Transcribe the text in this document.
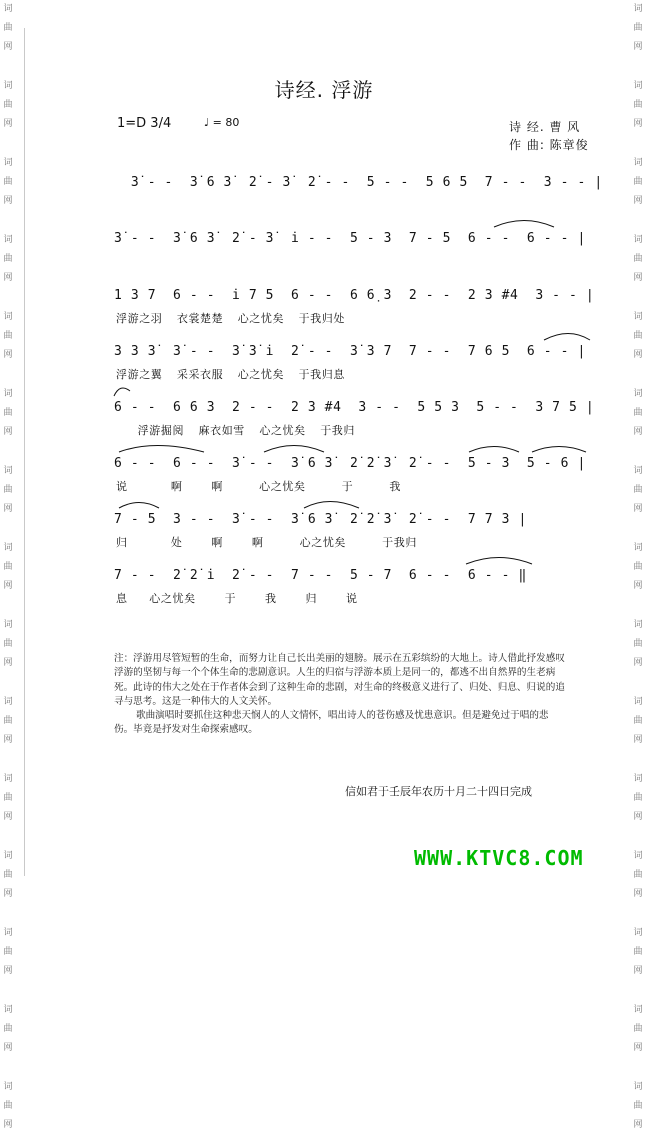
词
曲
网
词
曲
网
词
曲
网
词
曲
网
词
曲
网
词
曲
网
词
曲
网
词
曲
网
词
曲
网
词
曲
网
词
曲
网
词
曲
网
词
曲
网
词
曲
网
词
曲
网
词
曲
网
词
曲
网
词
曲
网
词
曲
网
词
曲
网
词
曲
网
词
曲
网
词
曲
网
词
曲
网
词
曲
网
词
曲
网
词
曲
网
词
曲
网
词
曲
网
词
曲
网
诗经. 浮游
1=D 3/4	♩ = 80	诗 经. 曹 风
作 曲: 陈章俊
3̇ - -  3̇ 6 3̇  2̇ - 3̇  2̇ - -  5 - -  5 6 5  7 - -  3 - - |
3̇ - -  3̇ 6 3̇  2̇ - 3̇  i̇ - -  5 - 3  7 - 5  6 - -  6 - - |
1 3 7  6 - -  i̇ 7 5  6 - -  6 6̣ 3  2 - -  2 3 #4  3 - - |
浮游之羽  衣裳楚楚  心之忧矣  于我归处
3 3 3̇  3̇ - -  3̇ 3̇ i̇  2̇ - -  3̇ 3 7  7 - -  7 6 5  6 - - |
浮游之翼  采采衣服  心之忧矣  于我归息
6 - -  6 6 3  2 - -  2 3 #4  3 - -  5 5 3  5 - -  3 7 5 |
浮游掘阅  麻衣如雪  心之忧矣  于我归
6 - -  6 - -  3̇ - -  3̇ 6 3̇  2̇ 2̇ 3̇  2̇ - -  5 - 3  5 - 6 |
说      啊    啊     心之忧矣     于     我
7 - 5  3 - -  3̇ - -  3̇ 6 3̇  2̇ 2̇ 3̇  2̇ - -  7 7 3 |
归      处    啊    啊     心之忧矣     于我归
7 - -  2̇ 2̇ i̇  2̇ - -  7 - -  5 - 7  6 - -  6 - - ‖
息   心之忧矣    于    我    归    说

注：浮游用尽管短暂的生命，而努力让自己长出美丽的翅膀。展示在五彩缤纷的大地上。诗人借此抒发感叹浮游的坚韧与每一个个体生命的悲剧意识。人生的归宿与浮游本质上是同一的，都逃不出自然界的生老病死。此诗的伟大之处在于作者体会到了这种生命的悲剧，对生命的终极意义进行了、归处、归息、归说的追寻与思考。这是一种伟大的人文关怀。

歌曲演唱时要抓住这种悲天悯人的人文情怀，唱出诗人的苍伤感及忧患意识。但是避免过于唱的悲伤。毕竟是抒发对生命探索感叹。

信如君于壬辰年农历十月二十四日完成
WWW.KTVC8.COM
